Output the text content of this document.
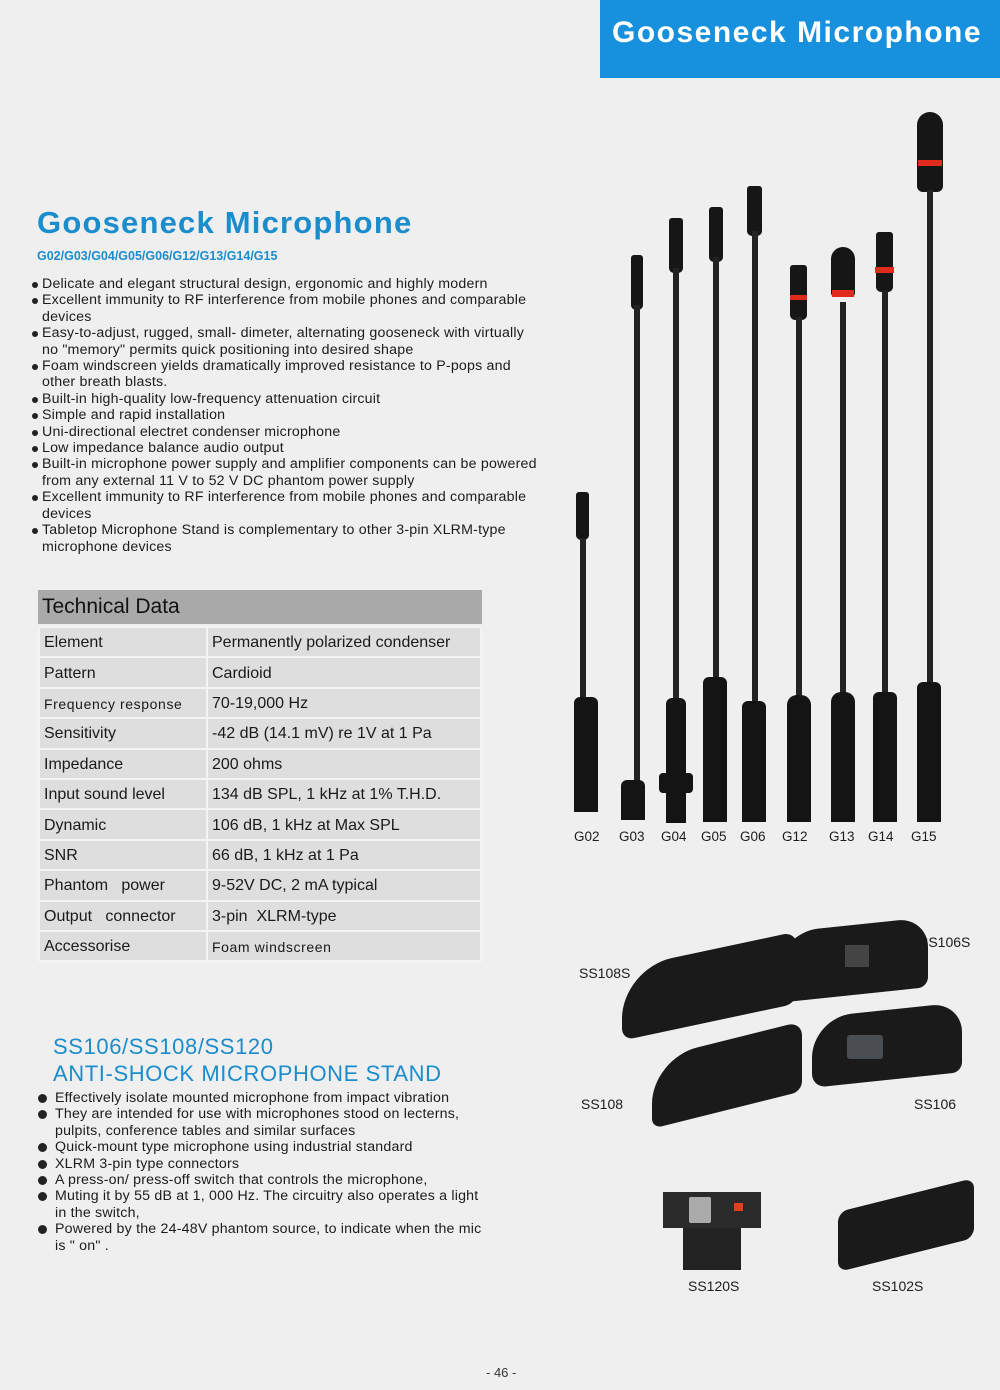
Gooseneck Microphone
Gooseneck Microphone
G02/G03/G04/G05/G06/G12/G13/G14/G15
Delicate and elegant structural design, ergonomic and highly modern
Excellent immunity to RF interference from mobile phones and comparable devices
Easy-to-adjust, rugged, small- dimeter, alternating gooseneck with virtually no "memory" permits quick positioning into desired shape
Foam windscreen yields dramatically improved resistance to P-pops and other breath blasts.
Built-in high-quality low-frequency attenuation circuit
Simple and rapid installation
Uni-directional electret condenser microphone
Low impedance balance audio output
Built-in microphone power supply and amplifier components can be powered from any external 11 V to 52 V DC phantom power supply
Excellent immunity to RF interference from mobile phones and comparable devices
Tabletop Microphone Stand is complementary to other 3-pin XLRM-type microphone devices
Technical Data
Element	Permanently polarized condenser
Pattern	Cardioid
Frequency response	70-19,000 Hz
Sensitivity	-42 dB (14.1 mV) re 1V at 1 Pa
Impedance	200 ohms
Input sound level	134 dB SPL, 1 kHz at 1% T.H.D.
Dynamic	106 dB, 1 kHz at Max SPL
SNR	66 dB, 1 kHz at 1 Pa
Phantom   power	9-52V DC, 2 mA typical
Output   connector	3-pin  XLRM-type
Accessorise	Foam windscreen
SS106/SS108/SS120
ANTI-SHOCK MICROPHONE STAND
Effectively isolate mounted microphone from impact vibration
They are intended for use with microphones stood on lecterns, pulpits, conference tables and similar surfaces
Quick-mount type microphone using industrial standard
XLRM 3-pin type connectors
A press-on/ press-off switch that controls the microphone,
Muting it by 55 dB at 1, 000 Hz. The circuitry also operates a light in the switch,
Powered by the 24-48V phantom source, to indicate when the mic is " on" .
G02 G03 G04 G05 G06 G12 G13 G14 G15
SS108S
SS106S
SS108	SS106
SS120S	SS102S
- 46 -
